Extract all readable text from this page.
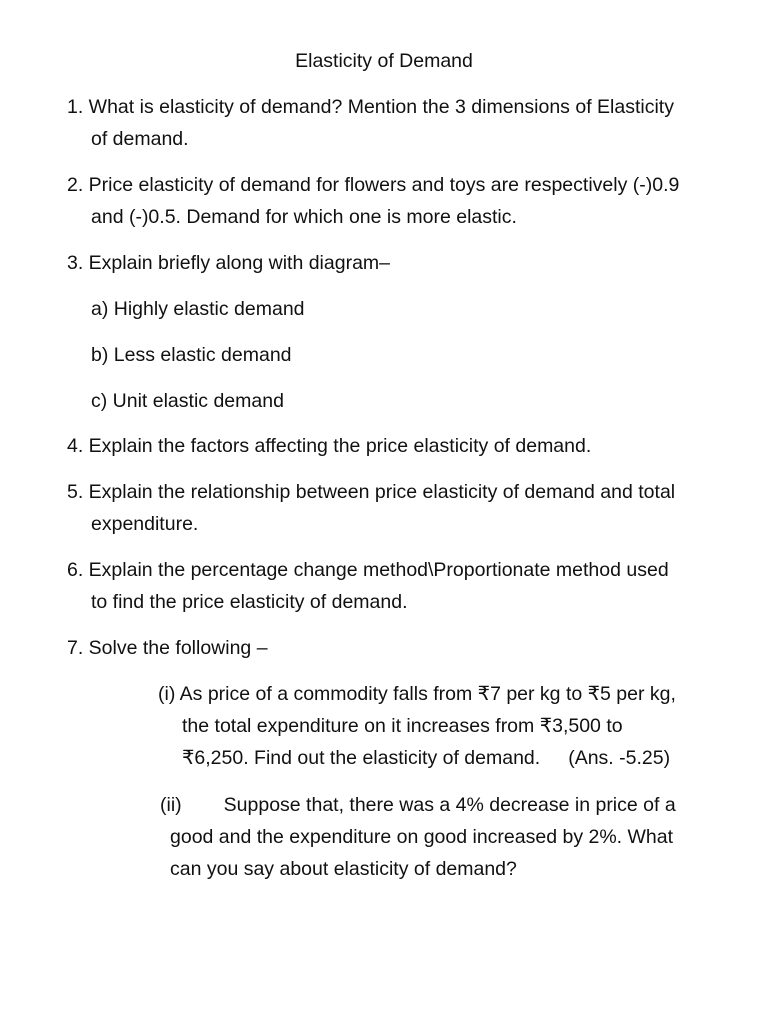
Elasticity of Demand
1. What is elasticity of demand? Mention the 3 dimensions of Elasticity
of demand.
2. Price elasticity of demand for flowers and toys are respectively (-)0.9
and (-)0.5. Demand for which one is more elastic.
3. Explain briefly along with diagram–
a) Highly elastic demand
b) Less elastic demand
c) Unit elastic demand
4. Explain the factors affecting the price elasticity of demand.
5. Explain the relationship between price elasticity of demand and total
expenditure.
6. Explain the percentage change method\Proportionate method used
to find the price elasticity of demand.
7. Solve the following –
(i) As price of a commodity falls from ₹7 per kg to ₹5 per kg,
the total expenditure on it increases from ₹3,500 to
₹6,250. Find out the elasticity of demand. (Ans. -5.25)
(ii) Suppose that, there was a 4% decrease in price of a
good and the expenditure on good increased by 2%. What
can you say about elasticity of demand?
